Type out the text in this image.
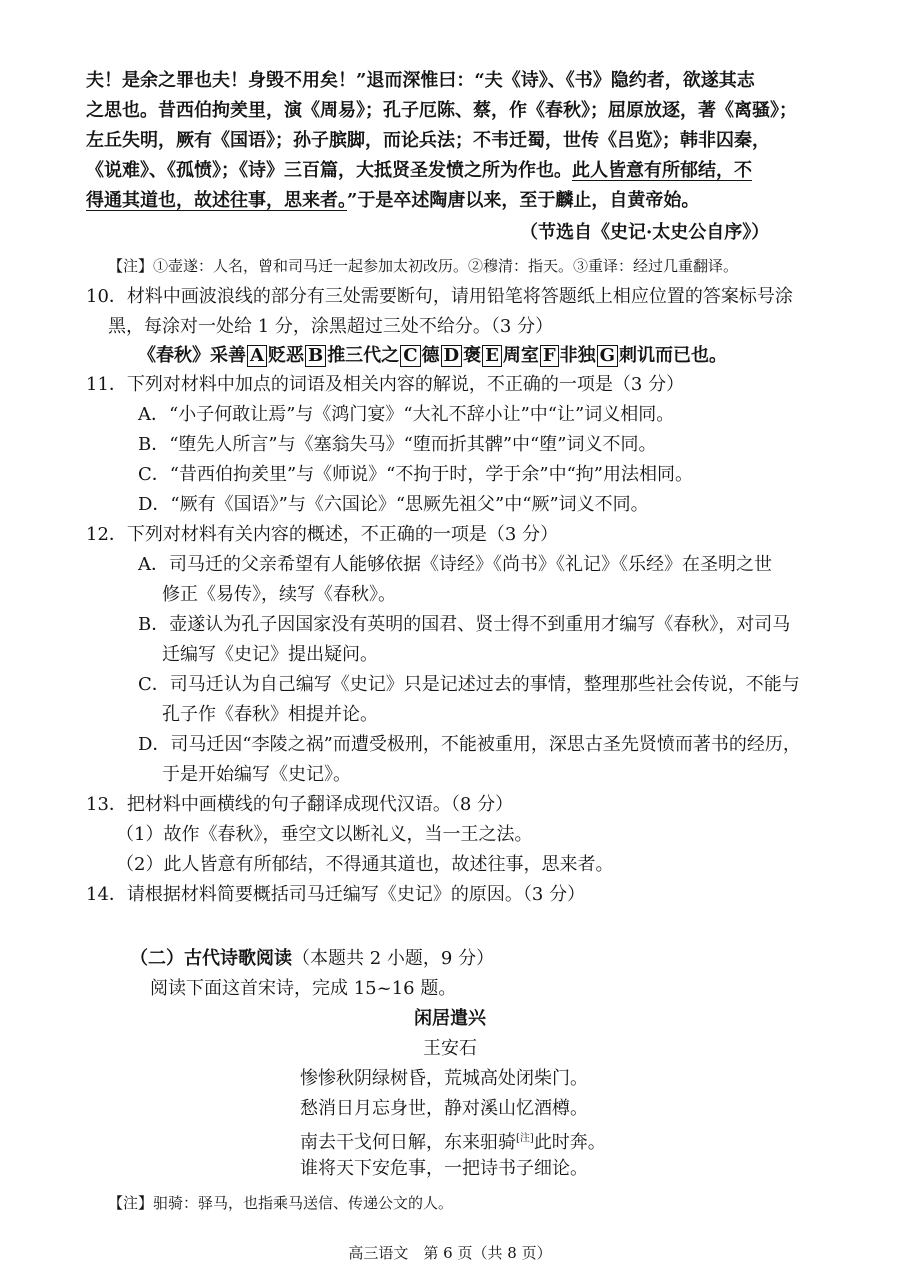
夫！是余之罪也夫！身毁不用矣！”退而深惟曰：“夫《诗》、《书》隐约者，欲遂其志
之思也。昔西伯拘羑里，演《周易》；孔子厄陈、蔡，作《春秋》；屈原放逐，著《离骚》；
左丘失明，厥有《国语》；孙子膑脚，而论兵法；不韦迁蜀，世传《吕览》；韩非囚秦，
《说难》、《孤愤》；《诗》三百篇，大抵贤圣发愤之所为作也。此人皆意有所郁结，不
得通其道也，故述往事，思来者。”于是卒述陶唐以来，至于麟止，自黄帝始。
（节选自《史记·太史公自序》）
【注】①壶遂：人名，曾和司马迁一起参加太初改历。②穆清：指天。③重译：经过几重翻译。
10．材料中画波浪线的部分有三处需要断句，请用铅笔将答题纸上相应位置的答案标号涂
黑，每涂对一处给 1 分，涂黑超过三处不给分。（3 分）
《春秋》采善 A 贬恶 B 推三代之 C 德 D 褒 E 周室 F 非独 G 刺讥而已也。
11．下列对材料中加点的词语及相关内容的解说，不正确的一项是（3 分）
A．“小子何敢让焉”与《鸿门宴》“大礼不辞小让”中“让”词义相同。
B．“堕先人所言”与《塞翁失马》“堕而折其髀”中“堕”词义不同。
C．“昔西伯拘羑里”与《师说》“不拘于时，学于余”中“拘”用法相同。
D．“厥有《国语》”与《六国论》“思厥先祖父”中“厥”词义不同。
12．下列对材料有关内容的概述，不正确的一项是（3 分）
A．司马迁的父亲希望有人能够依据《诗经》《尚书》《礼记》《乐经》在圣明之世
修正《易传》，续写《春秋》。
B．壶遂认为孔子因国家没有英明的国君、贤士得不到重用才编写《春秋》，对司马
迁编写《史记》提出疑问。
C．司马迁认为自己编写《史记》只是记述过去的事情，整理那些社会传说，不能与
孔子作《春秋》相提并论。
D．司马迁因“李陵之祸”而遭受极刑，不能被重用，深思古圣先贤愤而著书的经历，
于是开始编写《史记》。
13．把材料中画横线的句子翻译成现代汉语。（8 分）
（1）故作《春秋》，垂空文以断礼义，当一王之法。
（2）此人皆意有所郁结，不得通其道也，故述往事，思来者。
14．请根据材料简要概括司马迁编写《史记》的原因。（3 分）
（二）古代诗歌阅读（本题共 2 小题，9 分）
阅读下面这首宋诗，完成 15~16 题。
闲居遣兴
王安石
惨惨秋阴绿树昏，荒城高处闭柴门。
愁消日月忘身世，静对溪山忆酒樽。
南去干戈何日解，东来驲骑[注]此时奔。
谁将天下安危事，一把诗书子细论。
【注】驲骑：驿马，也指乘马送信、传递公文的人。
高三语文　第 6 页（共 8 页）
